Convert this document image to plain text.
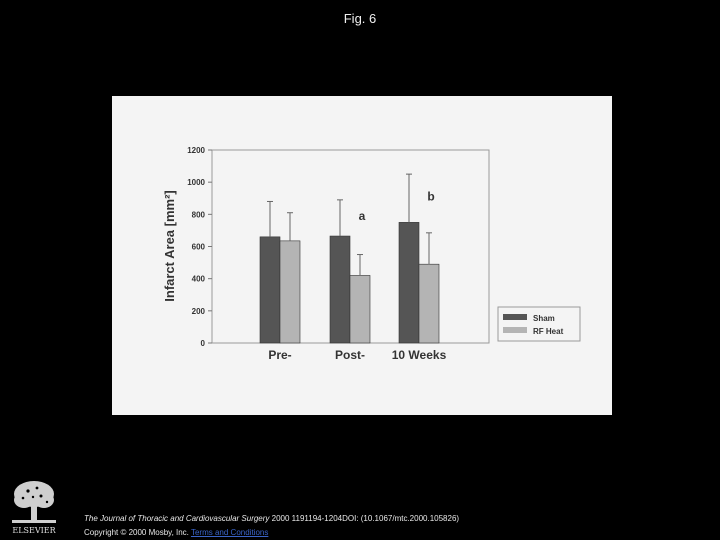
Fig. 6
0
200
400
600
800
1000
1200
Pre-	Post- 10 Weeks
a
b
Infarct Area [mm²]
Sham
RF Heat
ELSEVIER
The Journal of Thoracic and Cardiovascular Surgery 2000 1191194-1204DOI: (10.1067/mtc.2000.105826)
Copyright © 2000 Mosby, Inc. Terms and Conditions
